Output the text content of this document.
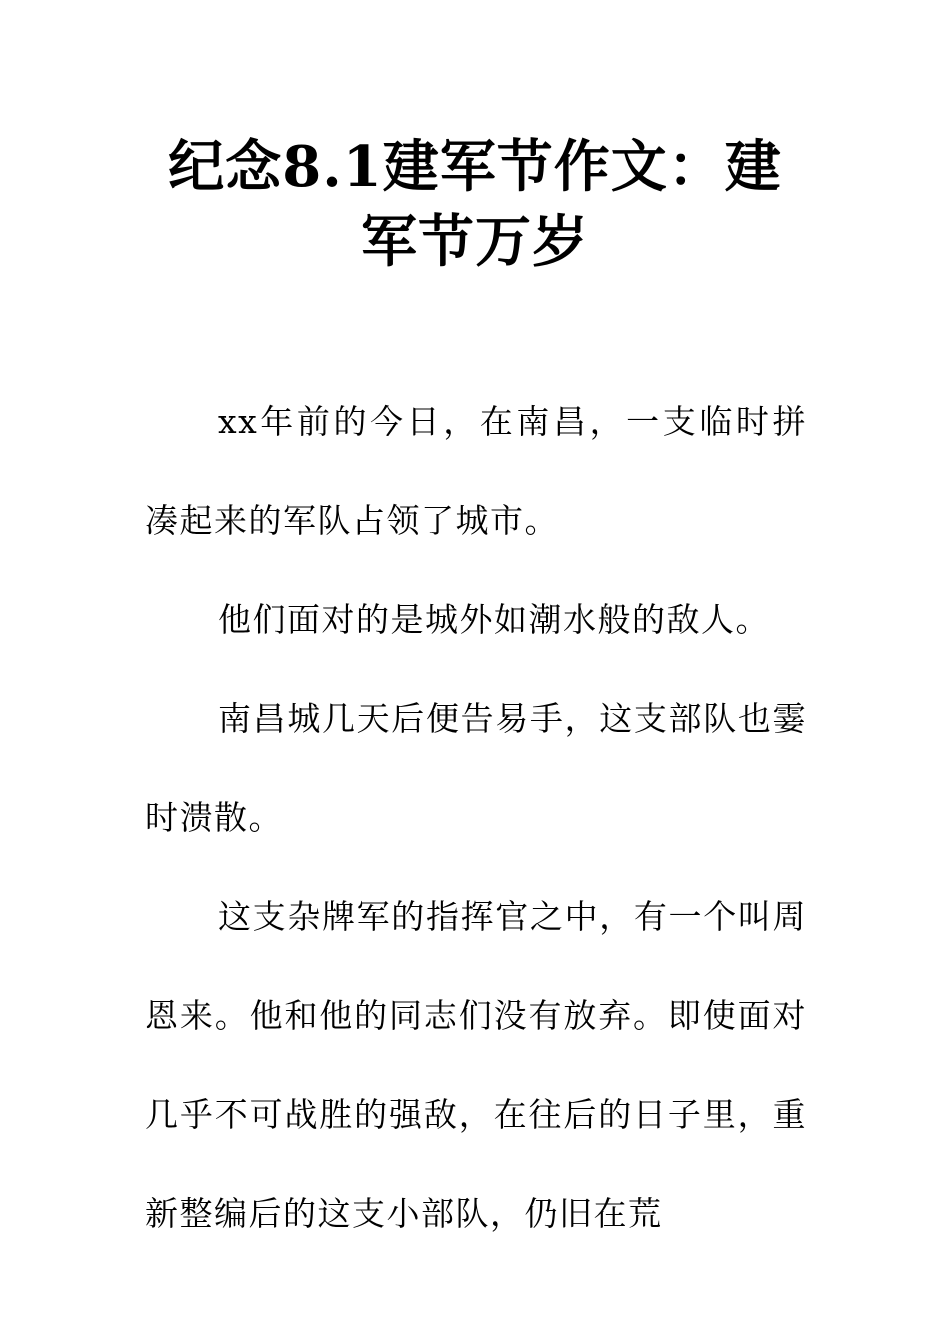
纪念8.1建军节作文：建军节万岁

xx年前的今日，在南昌，一支临时拼凑起来的军队占领了城市。

他们面对的是城外如潮水般的敌人。

南昌城几天后便告易手，这支部队也霎时溃散。

这支杂牌军的指挥官之中，有一个叫周恩来。他和他的同志们没有放弃。即使面对几乎不可战胜的强敌，在往后的日子里，重新整编后的这支小部队，仍旧在荒
